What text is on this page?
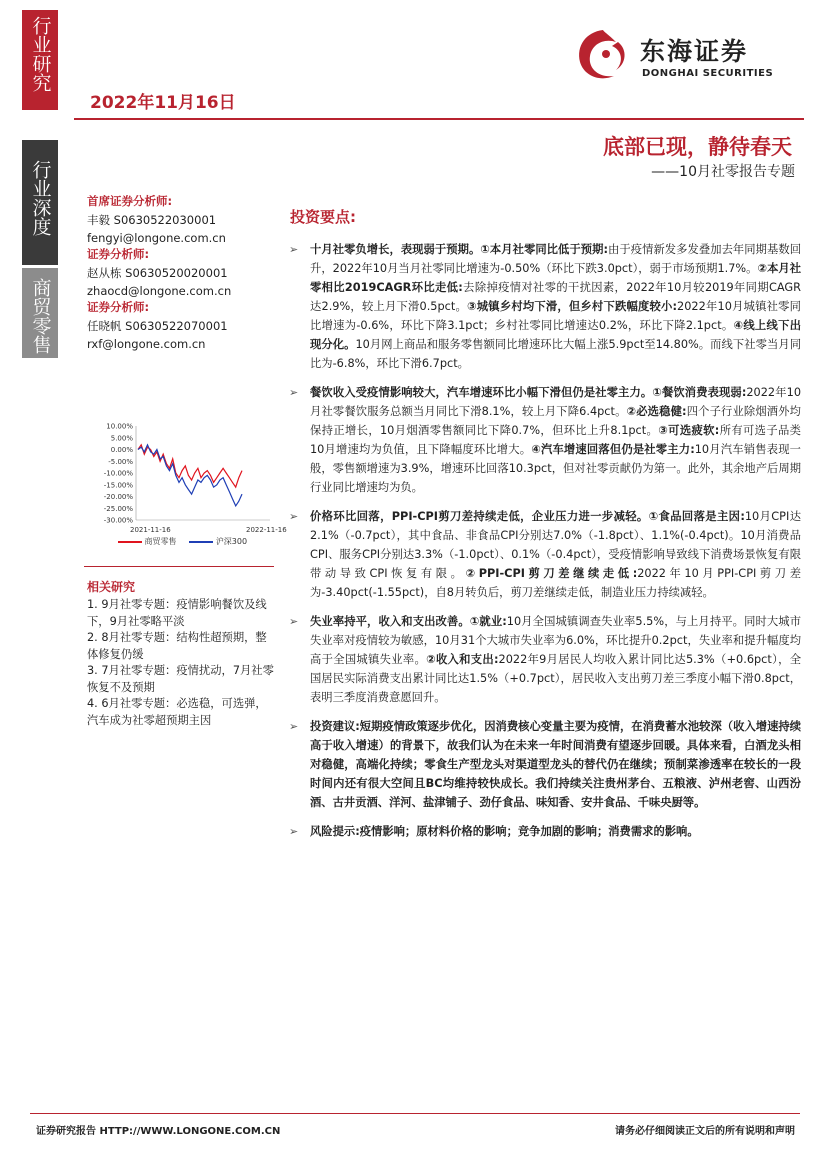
行业研究
行业深度
商贸零售
东海证券
DONGHAI SECURITIES
2022年11月16日
底部已现，静待春天
——10月社零报告专题
首席证券分析师:
丰毅 S0630522030001
fengyi@longone.com.cn
证券分析师:
赵从栋 S0630520020001
zhaocd@longone.com.cn
证券分析师:
任晓帆 S0630522070001
rxf@longone.com.cn
10.00%
5.00%
0.00%
-5.00%
-10.00%
-15.00%
-20.00%
-25.00%
-30.00%
2021-11-16	2022-11-16
商贸零售	沪深300
相关研究
1. 9月社零专题：疫情影响餐饮及线下，9月社零略平淡
2. 8月社零专题：结构性超预期，整体修复仍缓
3. 7月社零专题：疫情扰动，7月社零恢复不及预期
4. 6月社零专题：必选稳，可选弹，汽车成为社零超预期主因
投资要点:
➢ 十月社零负增长，表现弱于预期。①本月社零同比低于预期:由于疫情新发多发叠加去年同期基数回升，2022年10月当月社零同比增速为-0.50%（环比下跌3.0pct），弱于市场预期1.7%。②本月社零相比2019CAGR环比走低:去除掉疫情对社零的干扰因素，2022年10月较2019年同期CAGR达2.9%，较上月下滑0.5pct。③城镇乡村均下滑，但乡村下跌幅度较小:2022年10月城镇社零同比增速为-0.6%，环比下降3.1pct；乡村社零同比增速达0.2%，环比下降2.1pct。④线上线下出现分化。10月网上商品和服务零售额同比增速环比大幅上涨5.9pct至14.80%。而线下社零当月同比为-6.8%，环比下滑6.7pct。
➢ 餐饮收入受疫情影响较大，汽车增速环比小幅下滑但仍是社零主力。①餐饮消费表现弱:2022年10月社零餐饮服务总额当月同比下滑8.1%，较上月下降6.4pct。②必选稳健:四个子行业除烟酒外均保持正增长，10月烟酒零售额同比下降0.7%，但环比上升8.1pct。③可选疲软:所有可选子品类10月增速均为负值，且下降幅度环比增大。④汽车增速回落但仍是社零主力:10月汽车销售表现一般，零售额增速为3.9%，增速环比回落10.3pct，但对社零贡献仍为第一。此外，其余地产后周期行业同比增速均为负。
➢ 价格环比回落，PPI-CPI剪刀差持续走低，企业压力进一步减轻。①食品回落是主因:10月CPI达2.1%（-0.7pct），其中食品、非食品CPI分别达7.0%（-1.8pct）、1.1%(-0.4pct)。10月消费品CPI、服务CPI分别达3.3%（-1.0pct）、0.1%（-0.4pct），受疫情影响导致线下消费场景恢复有限带动导致CPI恢复有限。②PPI-CPI剪刀差继续走低:2022年10月PPI-CPI剪刀差为-3.40pct(-1.55pct)，自8月转负后，剪刀差继续走低，制造业压力持续减轻。
➢ 失业率持平，收入和支出改善。①就业:10月全国城镇调查失业率5.5%，与上月持平。同时大城市失业率对疫情较为敏感，10月31个大城市失业率为6.0%，环比提升0.2pct，失业率和提升幅度均高于全国城镇失业率。②收入和支出:2022年9月居民人均收入累计同比达5.3%（+0.6pct），全国居民实际消费支出累计同比达1.5%（+0.7pct），居民收入支出剪刀差三季度小幅下滑0.8pct，表明三季度消费意愿回升。
➢ 投资建议:短期疫情政策逐步优化，因消费核心变量主要为疫情，在消费蓄水池较深（收入增速持续高于收入增速）的背景下，故我们认为在未来一年时间消费有望逐步回暖。具体来看，白酒龙头相对稳健，高端化持续；零食生产型龙头对渠道型龙头的替代仍在继续；预制菜渗透率在较长的一段时间内还有很大空间且BC均维持较快成长。我们持续关注贵州茅台、五粮液、泸州老窖、山西汾酒、古井贡酒、洋河、盐津铺子、劲仔食品、味知香、安井食品、千味央厨等。
➢ 风险提示:疫情影响；原材料价格的影响；竞争加剧的影响；消费需求的影响。
证券研究报告 HTTP://WWW.LONGONE.COM.CN	请务必仔细阅读正文后的所有说明和声明
